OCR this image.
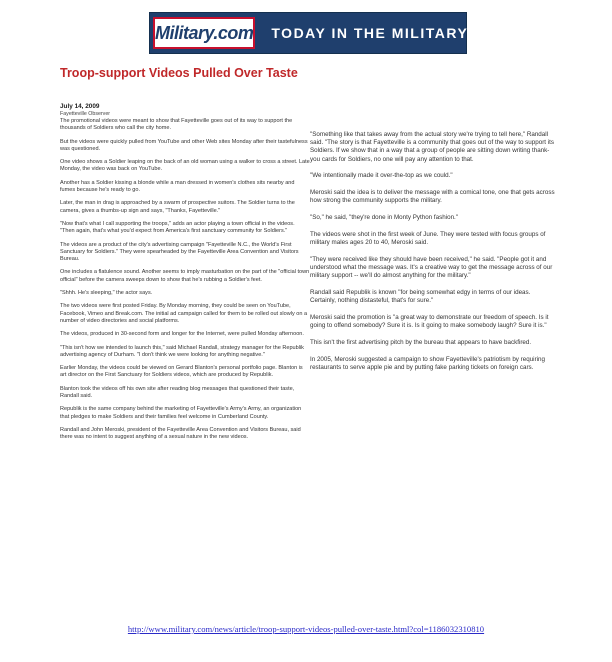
Military.com TODAY IN THE MILITARY
Troop-support Videos Pulled Over Taste
July 14, 2009
Fayetteville Observer

The promotional videos were meant to show that Fayetteville goes out of its way to support the thousands of Soldiers who call the city home.

But the videos were quickly pulled from YouTube and other Web sites Monday after their tastefulness was questioned.

One video shows a Soldier leaping on the back of an old woman using a walker to cross a street. Late Monday, the video was back on YouTube.

Another has a Soldier kissing a blonde while a man dressed in women's clothes sits nearby and fumes because he's ready to go.

Later, the man in drag is approached by a swarm of prospective suitors. The Soldier turns to the camera, gives a thumbs-up sign and says, "Thanks, Fayetteville."

"Now that's what I call supporting the troops," adds an actor playing a town official in the videos. "Then again, that's what you'd expect from America's first sanctuary community for Soldiers."

The videos are a product of the city's advertising campaign "Fayetteville N.C., the World's First Sanctuary for Soldiers." They were spearheaded by the Fayetteville Area Convention and Visitors Bureau.

One includes a flatulence sound. Another seems to imply masturbation on the part of the "official town official" before the camera sweeps down to show that he's rubbing a Soldier's feet.

"Shhh. He's sleeping," the actor says.

The two videos were first posted Friday. By Monday morning, they could be seen on YouTube, Facebook, Vimeo and Break.com. The initial ad campaign called for them to be rolled out slowly on a number of video directories and social platforms.

The videos, produced in 30-second form and longer for the Internet, were pulled Monday afternoon.

"This isn't how we intended to launch this," said Michael Randall, strategy manager for the Republik advertising agency of Durham. "I don't think we were looking for anything negative."

Earlier Monday, the videos could be viewed on Gerard Blanton's personal portfolio page. Blanton is art director on the First Sanctuary for Soldiers videos, which are produced by Republik.

Blanton took the videos off his own site after reading blog messages that questioned their taste, Randall said.

Republik is the same company behind the marketing of Fayetteville's Army's Army, an organization that pledges to make Soldiers and their families feel welcome in Cumberland County.

Randall and John Meroski, president of the Fayetteville Area Convention and Visitors Bureau, said there was no intent to suggest anything of a sexual nature in the new videos.

"Something like that takes away from the actual story we're trying to tell here," Randall said. "The story is that Fayetteville is a community that goes out of the way to support its Soldiers. If we show that in a way that a group of people are sitting down writing thank-you cards for Soldiers, no one will pay any attention to that.

"We intentionally made it over-the-top as we could."

Meroski said the idea is to deliver the message with a comical tone, one that gets across how strong the community supports the military.

"So," he said, "they're done in Monty Python fashion."

The videos were shot in the first week of June. They were tested with focus groups of military males ages 20 to 40, Meroski said.

"They were received like they should have been received," he said. "People got it and understood what the message was. It's a creative way to get the message across of our military support -- we'll do almost anything for the military."

Randall said Republik is known "for being somewhat edgy in terms of our ideas. Certainly, nothing distasteful, that's for sure."

Meroski said the promotion is "a great way to demonstrate our freedom of speech. Is it going to offend somebody? Sure it is. Is it going to make somebody laugh? Sure it is."

This isn't the first advertising pitch by the bureau that appears to have backfired.

In 2005, Meroski suggested a campaign to show Fayetteville's patriotism by requiring restaurants to serve apple pie and by putting fake parking tickets on foreign cars.

http://www.military.com/news/article/troop-support-videos-pulled-over-taste.html?col=1186032310810
